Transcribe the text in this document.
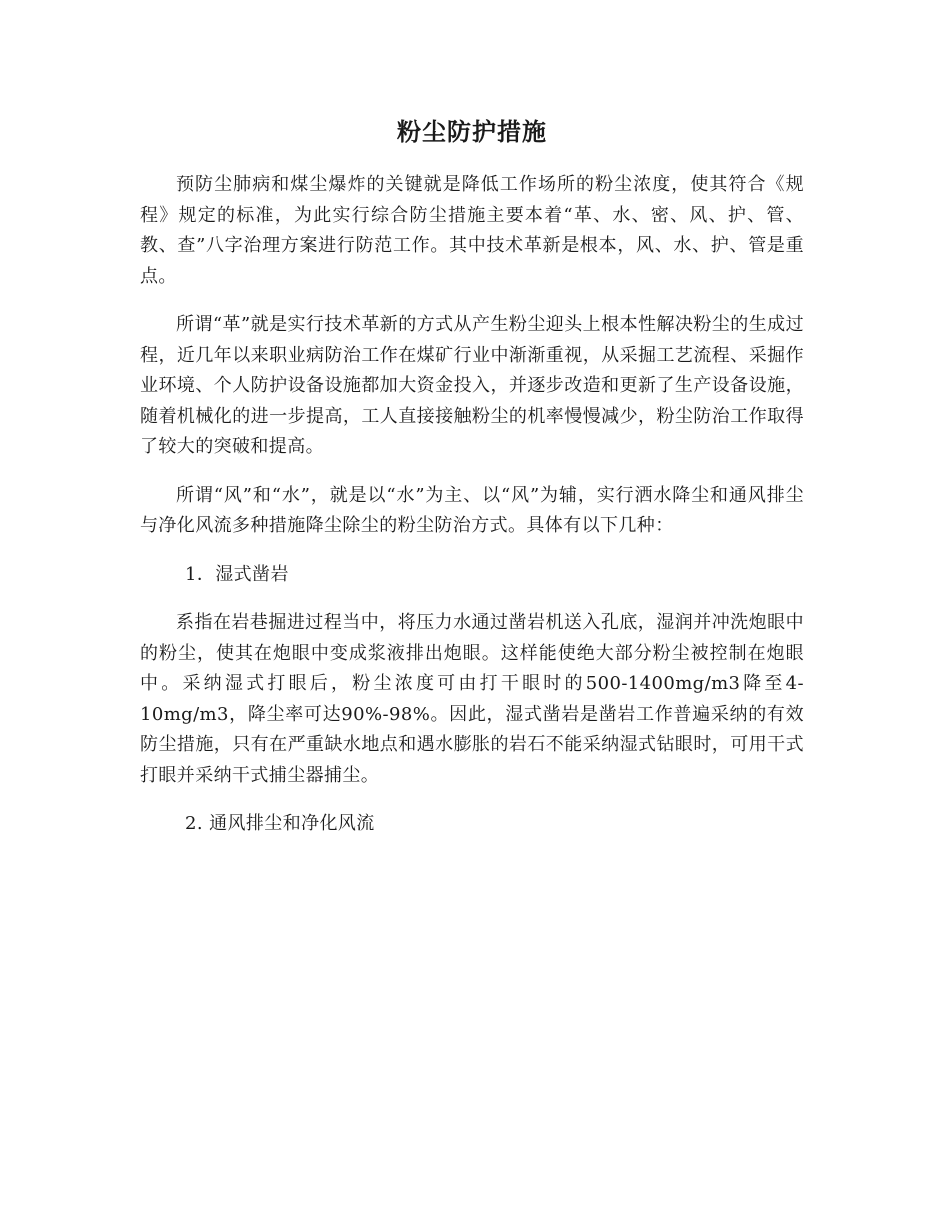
粉尘防护措施

预防尘肺病和煤尘爆炸的关键就是降低工作场所的粉尘浓度，使其符合《规程》规定的标准，为此实行综合防尘措施主要本着“革、水、密、风、护、管、教、查”八字治理方案进行防范工作。其中技术革新是根本，风、水、护、管是重点。

所谓“革”就是实行技术革新的方式从产生粉尘迎头上根本性解决粉尘的生成过程，近几年以来职业病防治工作在煤矿行业中渐渐重视，从采掘工艺流程、采掘作业环境、个人防护设备设施都加大资金投入，并逐步改造和更新了生产设备设施，随着机械化的进一步提高，工人直接接触粉尘的机率慢慢减少，粉尘防治工作取得了较大的突破和提高。

所谓“风”和“水”，就是以“水”为主、以“风”为辅，实行洒水降尘和通风排尘与净化风流多种措施降尘除尘的粉尘防治方式。具体有以下几种：

1．湿式凿岩

系指在岩巷掘进过程当中，将压力水通过凿岩机送入孔底，湿润并冲洗炮眼中的粉尘，使其在炮眼中变成浆液排出炮眼。这样能使绝大部分粉尘被控制在炮眼中。采纳湿式打眼后，粉尘浓度可由打干眼时的500-1400mg/m3降至4-10mg/m3，降尘率可达90%-98%。因此，湿式凿岩是凿岩工作普遍采纳的有效防尘措施，只有在严重缺水地点和遇水膨胀的岩石不能采纳湿式钻眼时，可用干式打眼并采纳干式捕尘器捕尘。

2. 通风排尘和净化风流
